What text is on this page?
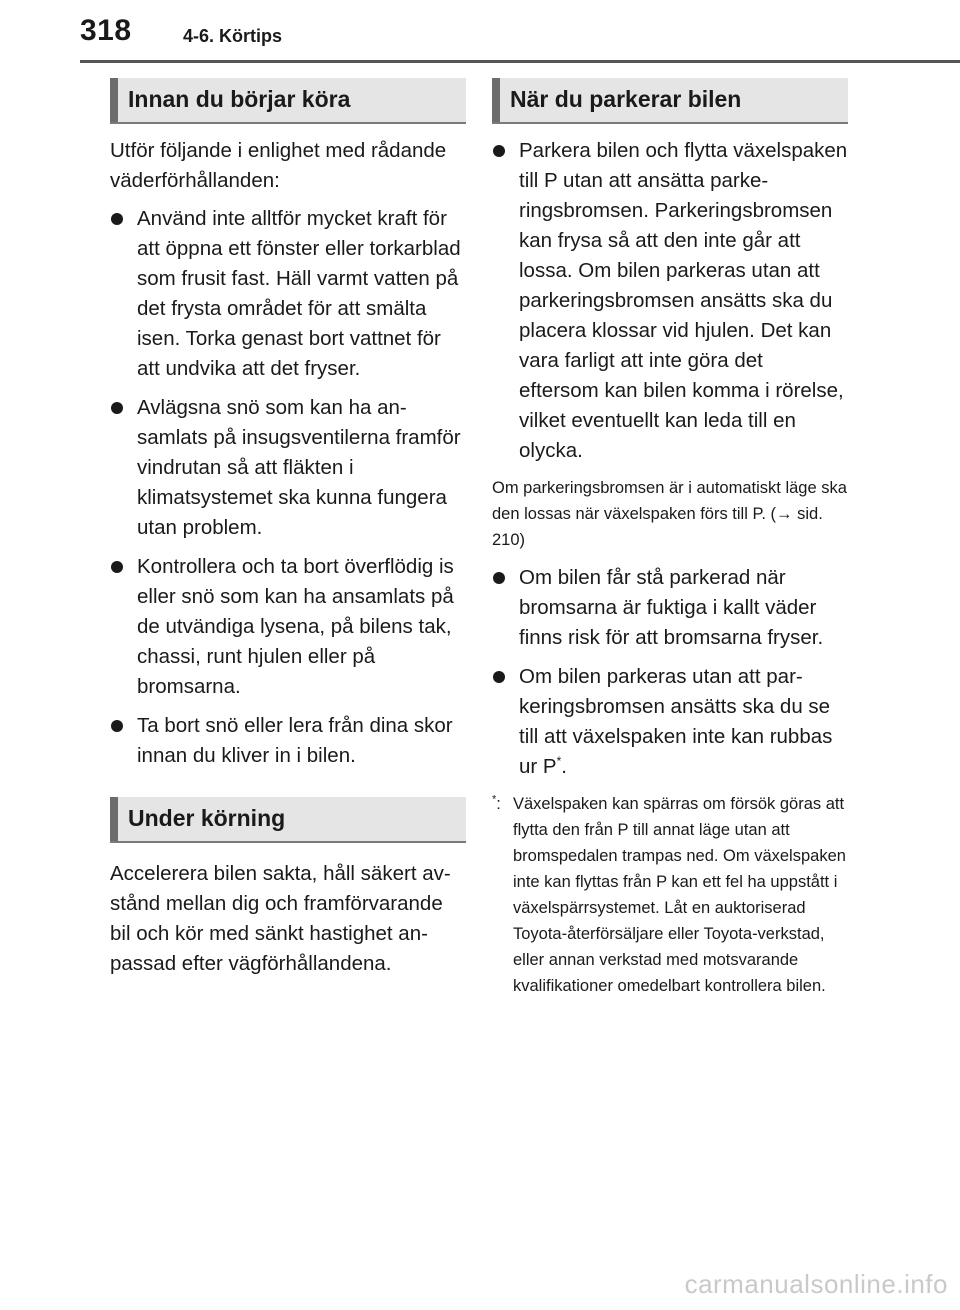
318	4-6. Körtips
Innan du börjar köra

Utför följande i enlighet med rådande väderförhållanden:

Använd inte alltför mycket kraft för att öppna ett fönster eller torkarblad som frusit fast. Häll varmt vatten på det frysta området för att smälta isen. Torka genast bort vattnet för att undvika att det fryser.
Avlägsna snö som kan ha ansamlats på insugsventilerna framför vindrutan så att fläkten i klimatsystemet ska kunna fungera utan problem.
Kontrollera och ta bort överflödig is eller snö som kan ha ansamlats på de utvändiga lysena, på bilens tak, chassi, runt hjulen eller på bromsarna.
Ta bort snö eller lera från dina skor innan du kliver in i bilen.
Under körning

Accelerera bilen sakta, håll säkert avstånd mellan dig och framförvarande bil och kör med sänkt hastighet anpassad efter vägförhållandena.

När du parkerar bilen
Parkera bilen och flytta växelspaken till P utan att ansätta parkeringsbromsen. Parkeringsbromsen kan frysa så att den inte går att lossa. Om bilen parkeras utan att parkeringsbromsen ansätts ska du placera klossar vid hjulen. Det kan vara farligt att inte göra det eftersom kan bilen komma i rörelse, vilket eventuellt kan leda till en olycka.

Om parkeringsbromsen är i automatiskt läge ska den lossas när växelspaken förs till P. (→ sid. 210)

Om bilen får stå parkerad när bromsarna är fuktiga i kallt väder finns risk för att bromsarna fryser.
Om bilen parkeras utan att parkeringsbromsen ansätts ska du se till att växelspaken inte kan rubbas ur P*.
*: Växelspaken kan spärras om försök göras att flytta den från P till annat läge utan att bromspedalen trampas ned. Om växelspaken inte kan flyttas från P kan ett fel ha uppstått i växelspärrsystemet. Låt en auktoriserad Toyota-återförsäljare eller Toyota-verkstad, eller annan verkstad med motsvarande kvalifikationer omedelbart kontrollera bilen.
carmanualsonline.info
